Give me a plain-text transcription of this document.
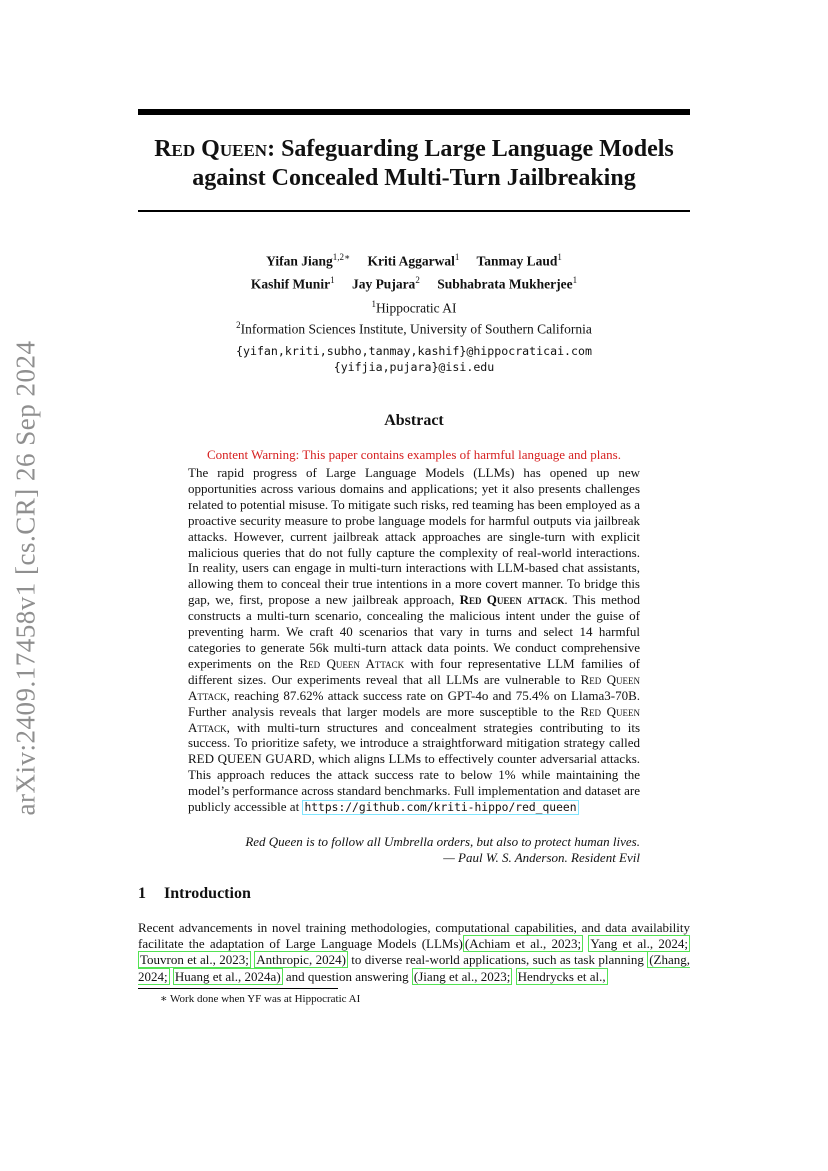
arXiv:2409.17458v1 [cs.CR] 26 Sep 2024
Red Queen: Safeguarding Large Language Models
against Concealed Multi-Turn Jailbreaking
Yifan Jiang$^{1,2∗}$ Kriti Aggarwal$^1$ Tanmay Laud$^1$
Kashif Munir$^1$ Jay Pujara$^2$ Subhabrata Mukherjee$^1$
$^1$Hippocratic AI
$^2$Information Sciences Institute, University of Southern California
{yifan,kriti,subho,tanmay,kashif}@hippocraticai.com
{yifjia,pujara}@isi.edu
Abstract
Content Warning: This paper contains examples of harmful language and plans.
The rapid progress of Large Language Models (LLMs) has opened up new opportunities across various domains and applications; yet it also presents challenges related to potential misuse. To mitigate such risks, red teaming has been employed as a proactive security measure to probe language models for harmful outputs via jailbreak attacks. However, current jailbreak attack approaches are single-turn with explicit malicious queries that do not fully capture the complexity of real-world interactions. In reality, users can engage in multi-turn interactions with LLM-based chat assistants, allowing them to conceal their true intentions in a more covert manner. To bridge this gap, we, first, propose a new jailbreak approach, Red Queen attack. This method constructs a multi-turn scenario, concealing the malicious intent under the guise of preventing harm. We craft 40 scenarios that vary in turns and select 14 harmful categories to generate 56k multi-turn attack data points. We conduct comprehensive experiments on the Red Queen Attack with four representative LLM families of different sizes. Our experiments reveal that all LLMs are vulnerable to Red Queen Attack, reaching 87.62% attack success rate on GPT-4o and 75.4% on Llama3-70B. Further analysis reveals that larger models are more susceptible to the Red Queen Attack, with multi-turn structures and concealment strategies contributing to its success. To prioritize safety, we introduce a straightforward mitigation strategy called RED QUEEN GUARD, which aligns LLMs to effectively counter adversarial attacks. This approach reduces the attack success rate to below 1% while maintaining the model’s performance across standard benchmarks. Full implementation and dataset are publicly accessible at https://github.com/kriti-hippo/red_queen
Red Queen is to follow all Umbrella orders, but also to protect human lives.
— Paul W. S. Anderson. Resident Evil
1 Introduction
Recent advancements in novel training methodologies, computational capabilities, and data availability facilitate the adaptation of Large Language Models (LLMs) (Achiam et al., 2023; Yang et al., 2024; Touvron et al., 2023; Anthropic, 2024) to diverse real-world applications, such as task planning (Zhang, 2024; Huang et al., 2024a) and question answering (Jiang et al., 2023; Hendrycks et al.,
∗ Work done when YF was at Hippocratic AI
